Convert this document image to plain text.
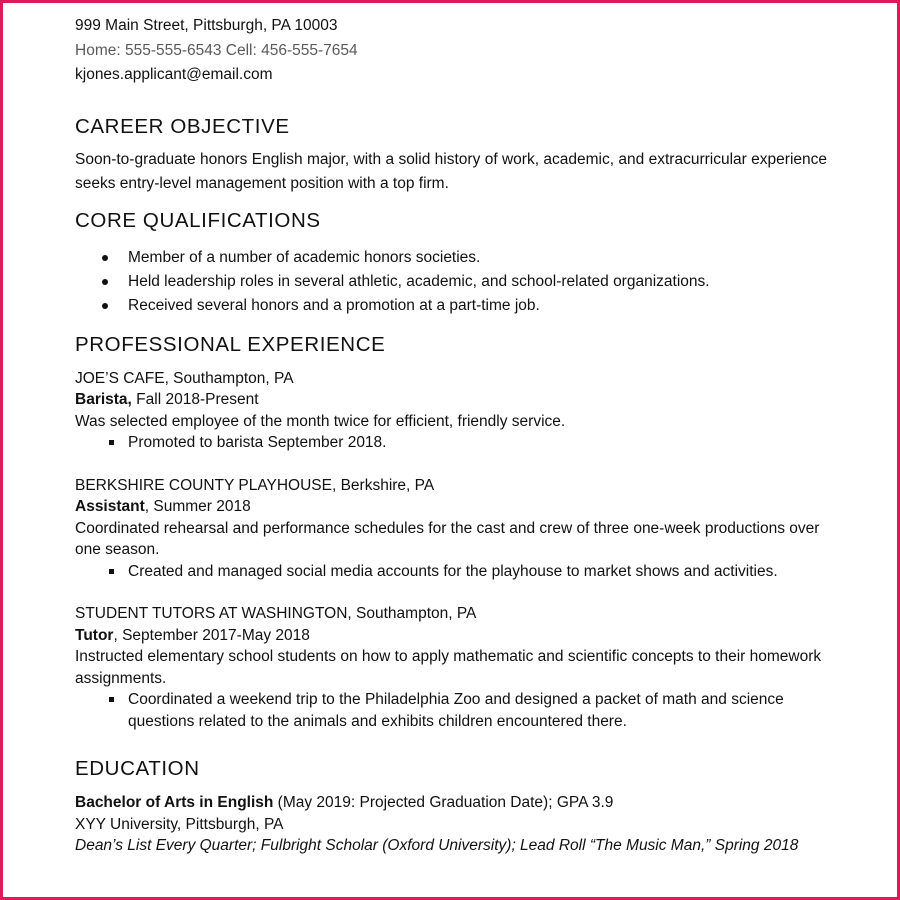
999 Main Street, Pittsburgh, PA 10003
Home: 555-555-6543 Cell: 456-555-7654
kjones.applicant@email.com
CAREER OBJECTIVE

Soon-to-graduate honors English major, with a solid history of work, academic, and extracurricular experience seeks entry-level management position with a top firm.

CORE QUALIFICATIONS
Member of a number of academic honors societies.
Held leadership roles in several athletic, academic, and school-related organizations.
Received several honors and a promotion at a part-time job.
PROFESSIONAL EXPERIENCE
JOE’S CAFE, Southampton, PA
Barista, Fall 2018-Present
Was selected employee of the month twice for efficient, friendly service.
Promoted to barista September 2018.
BERKSHIRE COUNTY PLAYHOUSE, Berkshire, PA
Assistant, Summer 2018
Coordinated rehearsal and performance schedules for the cast and crew of three one-week productions over one season.
Created and managed social media accounts for the playhouse to market shows and activities.
STUDENT TUTORS AT WASHINGTON, Southampton, PA
Tutor, September 2017-May 2018
Instructed elementary school students on how to apply mathematic and scientific concepts to their homework assignments.
Coordinated a weekend trip to the Philadelphia Zoo and designed a packet of math and science questions related to the animals and exhibits children encountered there.
EDUCATION
Bachelor of Arts in English (May 2019: Projected Graduation Date); GPA 3.9
XYY University, Pittsburgh, PA
Dean’s List Every Quarter; Fulbright Scholar (Oxford University); Lead Roll “The Music Man,” Spring 2018
